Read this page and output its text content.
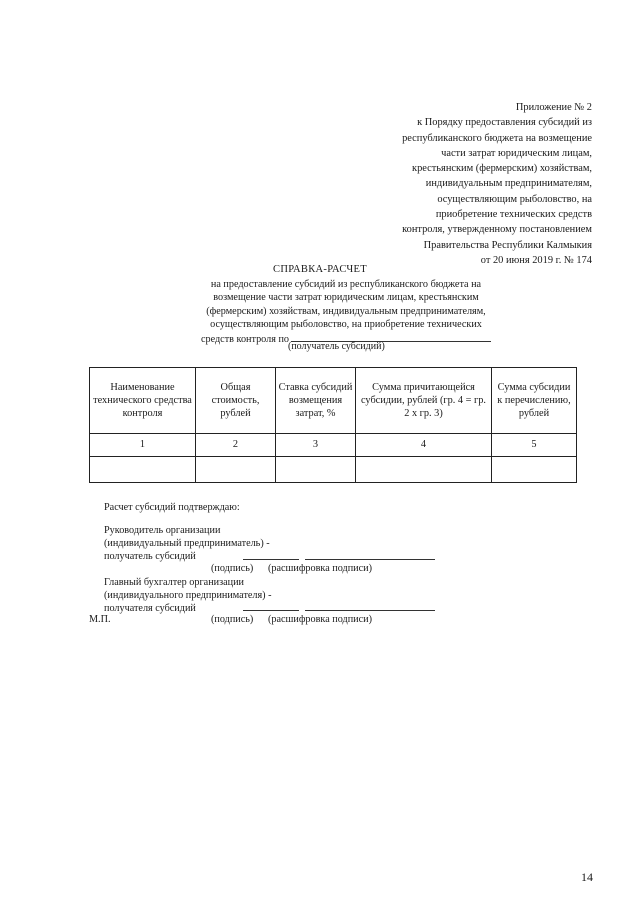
Приложение № 2
к Порядку предоставления субсидий из
республиканского бюджета на возмещение
части затрат юридическим лицам,
крестьянским (фермерским) хозяйствам,
индивидуальным предпринимателям,
осуществляющим рыболовство, на
приобретение технических средств
контроля, утвержденному постановлением
Правительства Республики Калмыкия
от 20 июня 2019 г. № 174
СПРАВКА-РАСЧЕТ
на предоставление субсидий из республиканского бюджета на
возмещение части затрат юридическим лицам, крестьянским
(фермерским) хозяйствам, индивидуальным предпринимателям,
осуществляющим рыболовство, на приобретение технических
средств контроля по
(получатель субсидий)
Наименование технического средства контроля	Общая стоимость, рублей	Ставка субсидий возмещения затрат, %	Сумма причитающейся субсидии, рублей (гр. 4 = гр. 2 x гр. 3)	Сумма субсидии к перечислению, рублей
1	2	3	4	5

Расчет субсидий подтверждаю:
Руководитель организации
(индивидуальный предприниматель) -
получатель субсидий
(подпись) (расшифровка подписи)
Главный бухгалтер организации
(индивидуального предпринимателя) -
получателя субсидий
М.П.	(подпись) (расшифровка подписи)
14
